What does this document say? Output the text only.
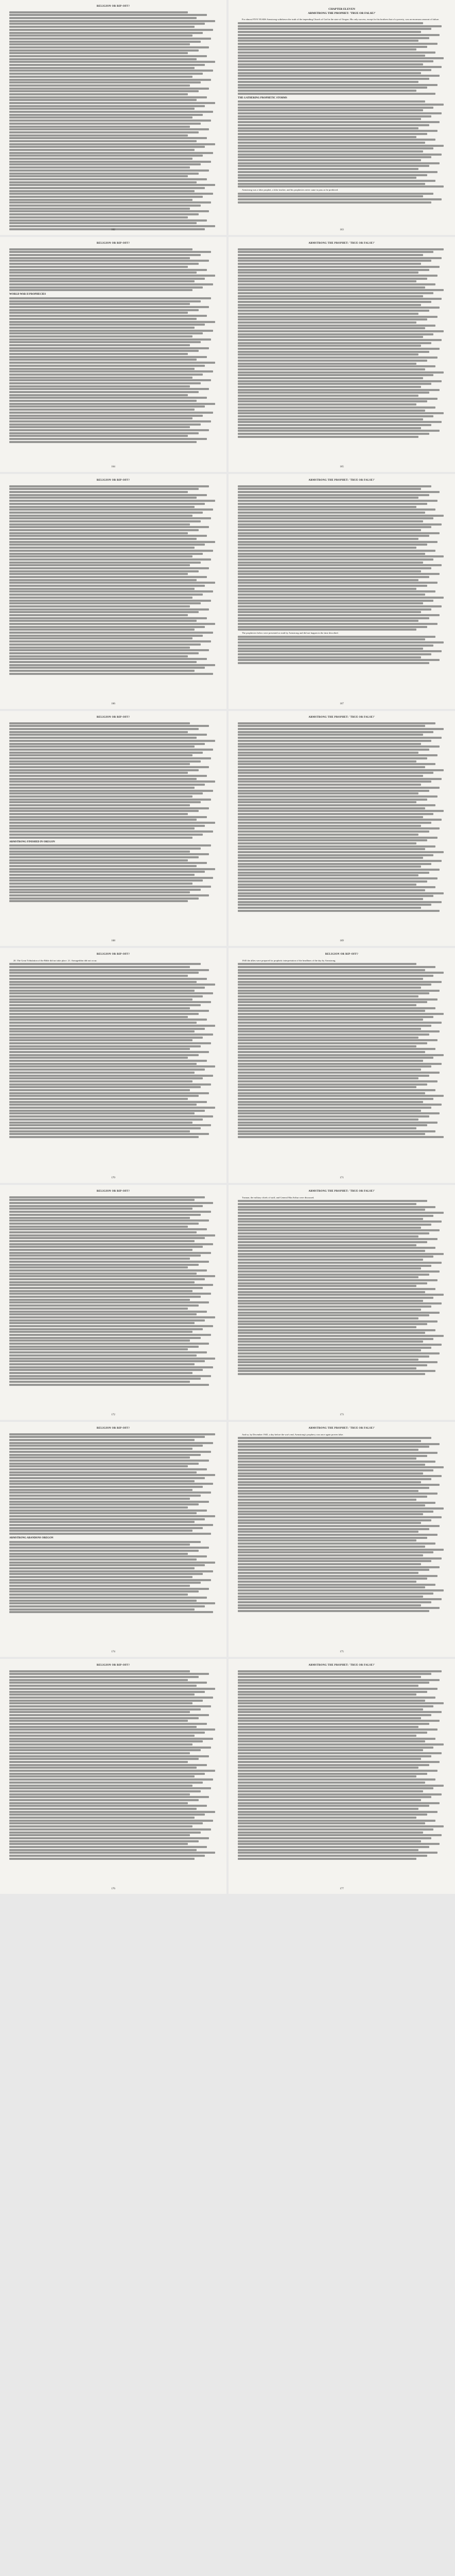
RELIGION OR RIP-OFF?
162
CHAPTER ELEVEN
ARMSTRONG THE PROPHET: 'TRUE OR FALSE?'
For almost FIVE YEARS Armstrong withdrawn the truth of the impending Church of God in the state of Oregon. His only success, except for his brothers that of a poverty, was an enormous amount of failure.
THE GATHERING PROPHETIC STORMS
Armstrong was a false prophet, a false teacher, and his prophecies never came to pass as he predicted.
163
RELIGION OR RIP-OFF?
WORLD WAR II PROPHECIES
164
ARMSTRONG THE PROPHET: 'TRUE OR FALSE?'
165
RELIGION OR RIP-OFF?
166
ARMSTRONG THE PROPHET: 'TRUE OR FALSE?'
The prophecies below were presented as truth by Armstrong and did not happen in the time described.
167
RELIGION OR RIP-OFF?
ARMSTRONG FINISHED IN OREGON
168
ARMSTRONG THE PROPHET: 'TRUE OR FALSE?'
169
RELIGION OR RIP-OFF?
20. The Great Tribulation of the Bible did not take place. 21. Armageddon did not occur.
170
RELIGION OR RIP-OFF?
1945 the allies were prepared for prophetic interpretation of the headlines of the day by Armstrong.
171
RELIGION OR RIP-OFF?
172
ARMSTRONG THE PROPHET: 'TRUE OR FALSE?'
Truman, the military chiefs of staff, and General MacArthur were discussed.
173
RELIGION OR RIP-OFF?
ARMSTRONG ABANDONS OREGON
174
ARMSTRONG THE PROPHET: 'TRUE OR FALSE?'
And so, by December 1945, a day before the war's end, Armstrong's prophecy was once again proven false.
175
RELIGION OR RIP-OFF?
176
ARMSTRONG THE PROPHET: 'TRUE OR FALSE?'
177
